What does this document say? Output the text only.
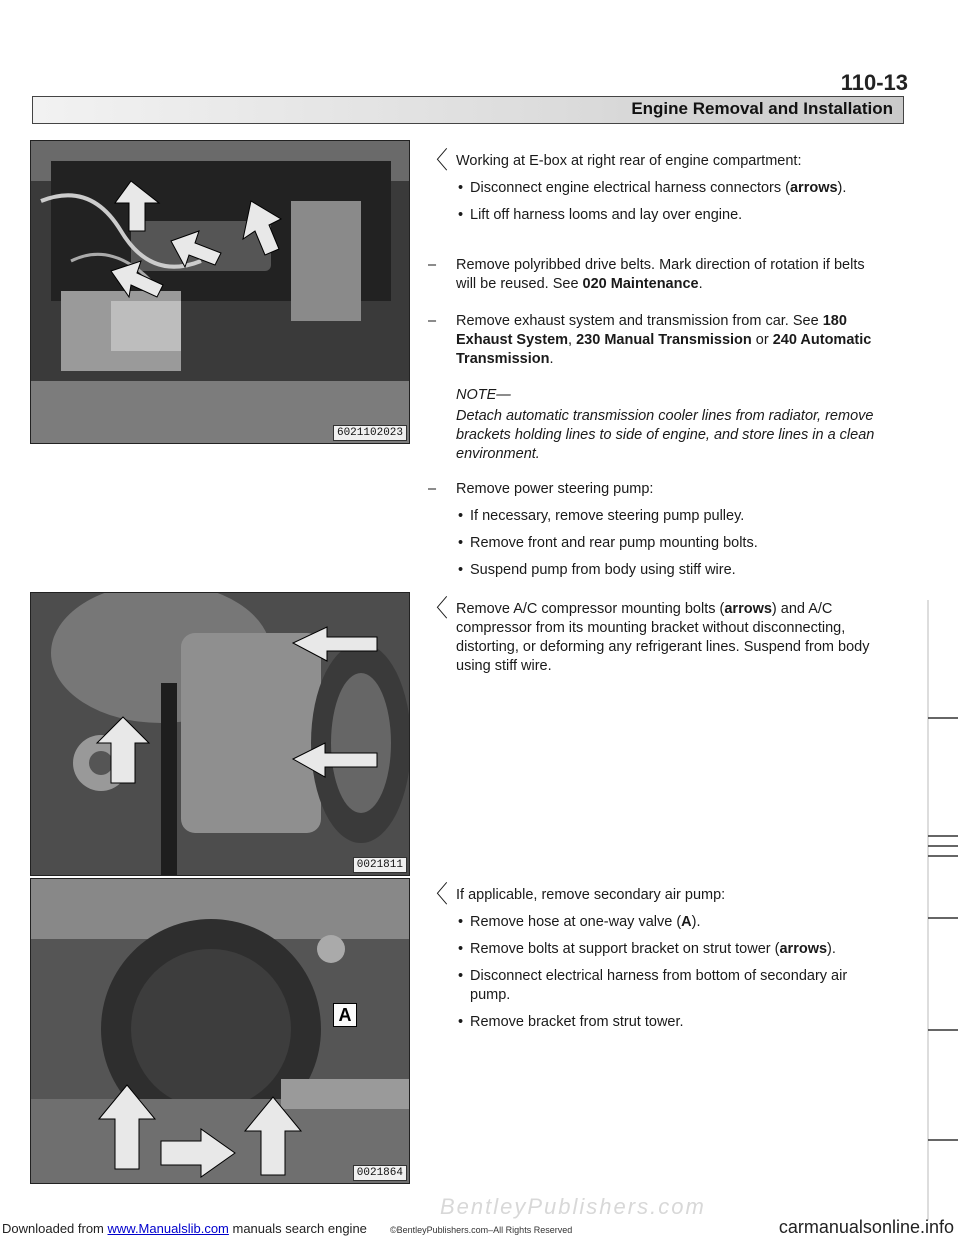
110-13
Engine Removal and Installation
6021102023
0021811
A
0021864
〈 Working at E-box at right rear of engine compartment:
• Disconnect engine electrical harness connectors (arrows).
• Lift off harness looms and lay over engine.
– Remove polyribbed drive belts. Mark direction of rotation if belts will be reused. See 020 Maintenance.
– Remove exhaust system and transmission from car. See 180 Exhaust System, 230 Manual Transmission or 240 Automatic Transmission.
NOTE—
Detach automatic transmission cooler lines from radiator, remove brackets holding lines to side of engine, and store lines in a clean environment.
– Remove power steering pump:
• If necessary, remove steering pump pulley.
• Remove front and rear pump mounting bolts.
• Suspend pump from body using stiff wire.
〈 Remove A/C compressor mounting bolts (arrows) and A/C compressor from its mounting bracket without disconnecting, distorting, or deforming any refrigerant lines. Suspend from body using stiff wire.
〈 If applicable, remove secondary air pump:
• Remove hose at one-way valve (A).
• Remove bolts at support bracket on strut tower (arrows).
• Disconnect electrical harness from bottom of secondary air pump.
• Remove bracket from strut tower.
BentleyPublishers.com
©BentleyPublishers.com–All Rights Reserved
Downloaded from www.Manualslib.com manuals search engine	carmanualsonline.info
